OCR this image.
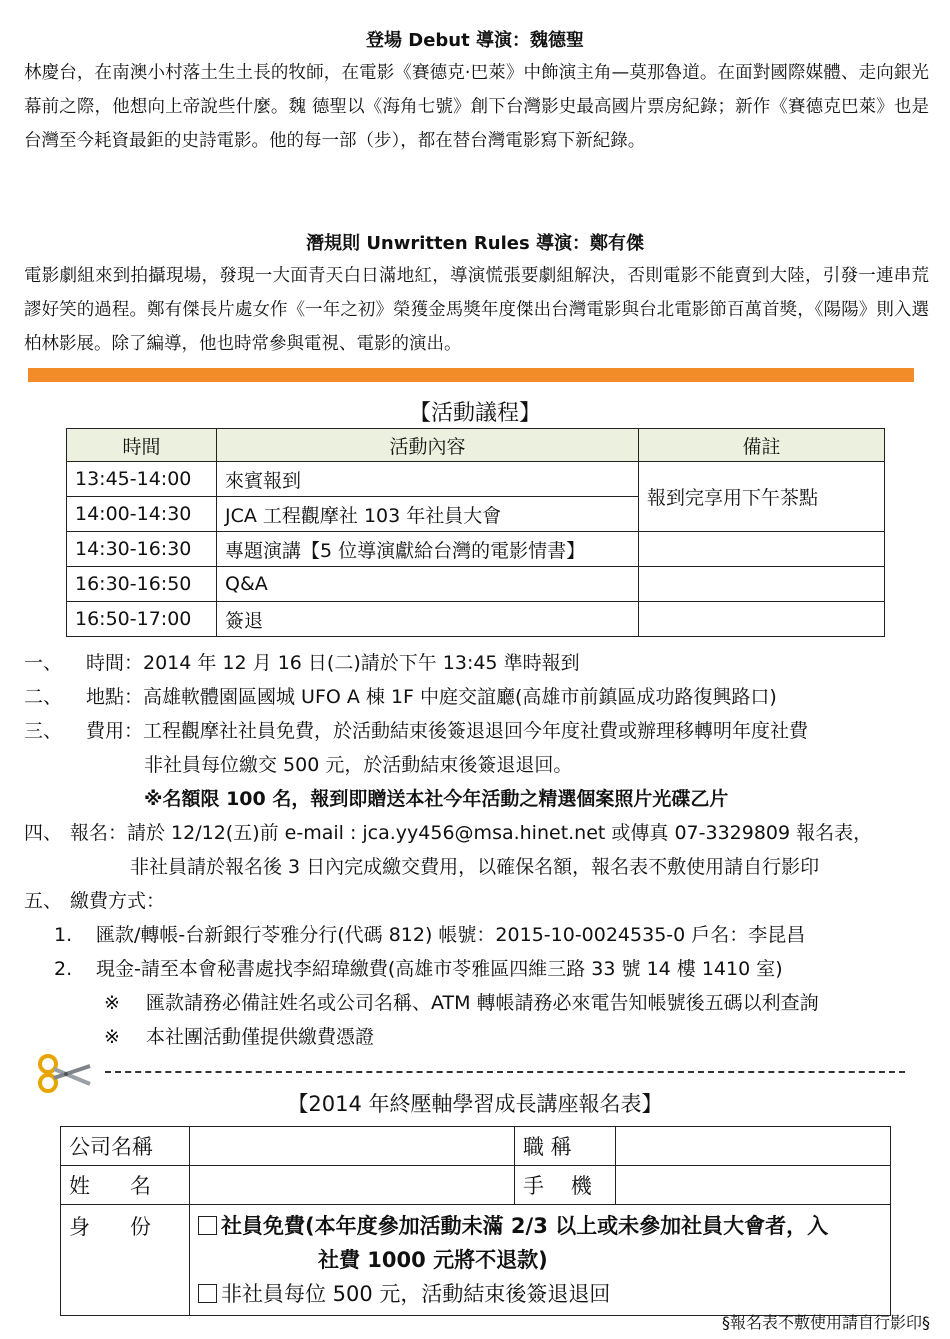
登場 Debut 導演：魏德聖
林慶台，在南澳小村落土生土長的牧師，在電影《賽德克·巴萊》中飾演主角—莫那魯道。在面對國際媒體、走向銀光幕前之際，他想向上帝說些什麼。魏 德聖以《海角七號》創下台灣影史最高國片票房紀錄；新作《賽德克巴萊》也是台灣至今耗資最鉅的史詩電影。他的每一部（步），都在替台灣電影寫下新紀錄。
潛規則 Unwritten Rules 導演：鄭有傑
電影劇組來到拍攝現場，發現一大面青天白日滿地紅，導演慌張要劇組解決，否則電影不能賣到大陸，引發一連串荒謬好笑的過程。鄭有傑長片處女作《一年之初》榮獲金馬獎年度傑出台灣電影與台北電影節百萬首獎，《陽陽》則入選柏林影展。除了編導，他也時常參與電視、電影的演出。
【活動議程】
時間	活動內容	備註
13:45-14:00	來賓報到	報到完享用下午茶點
14:00-14:30	JCA 工程觀摩社 103 年社員大會	
14:30-16:30	專題演講【5 位導演獻給台灣的電影情書】	
16:30-16:50	Q&A	
16:50-17:00	簽退	
一、 時間：2014 年 12 月 16 日(二)請於下午 13:45 準時報到
二、 地點：高雄軟體園區國城 UFO A 棟 1F 中庭交誼廳(高雄市前鎮區成功路復興路口)
三、 費用：工程觀摩社社員免費，於活動結束後簽退退回今年度社費或辦理移轉明年度社費
非社員每位繳交 500 元，於活動結束後簽退退回。
※名額限 100 名，報到即贈送本社今年活動之精選個案照片光碟乙片
四、 報名：請於 12/12(五)前 e-mail : jca.yy456@msa.hinet.net 或傳真 07-3329809 報名表，
非社員請於報名後 3 日內完成繳交費用，以確保名額，報名表不敷使用請自行影印
五、 繳費方式：
1. 匯款/轉帳-台新銀行苓雅分行(代碼 812) 帳號：2015-10-0024535-0 戶名：李昆昌
2. 現金-請至本會秘書處找李紹瑋繳費(高雄市苓雅區四維三路 33 號 14 樓 1410 室)
※ 匯款請務必備註姓名或公司名稱、ATM 轉帳請務必來電告知帳號後五碼以利查詢
※ 本社團活動僅提供繳費憑證
【2014 年終壓軸學習成長講座報名表】
公司名稱		職 稱	
姓      名		手    機	
身      份	社員免費(本年度參加活動未滿 2/3 以上或未參加社員大會者，入
社費 1000 元將不退款)
非社員每位 500 元，活動結束後簽退退回		
§報名表不敷使用請自行影印§
